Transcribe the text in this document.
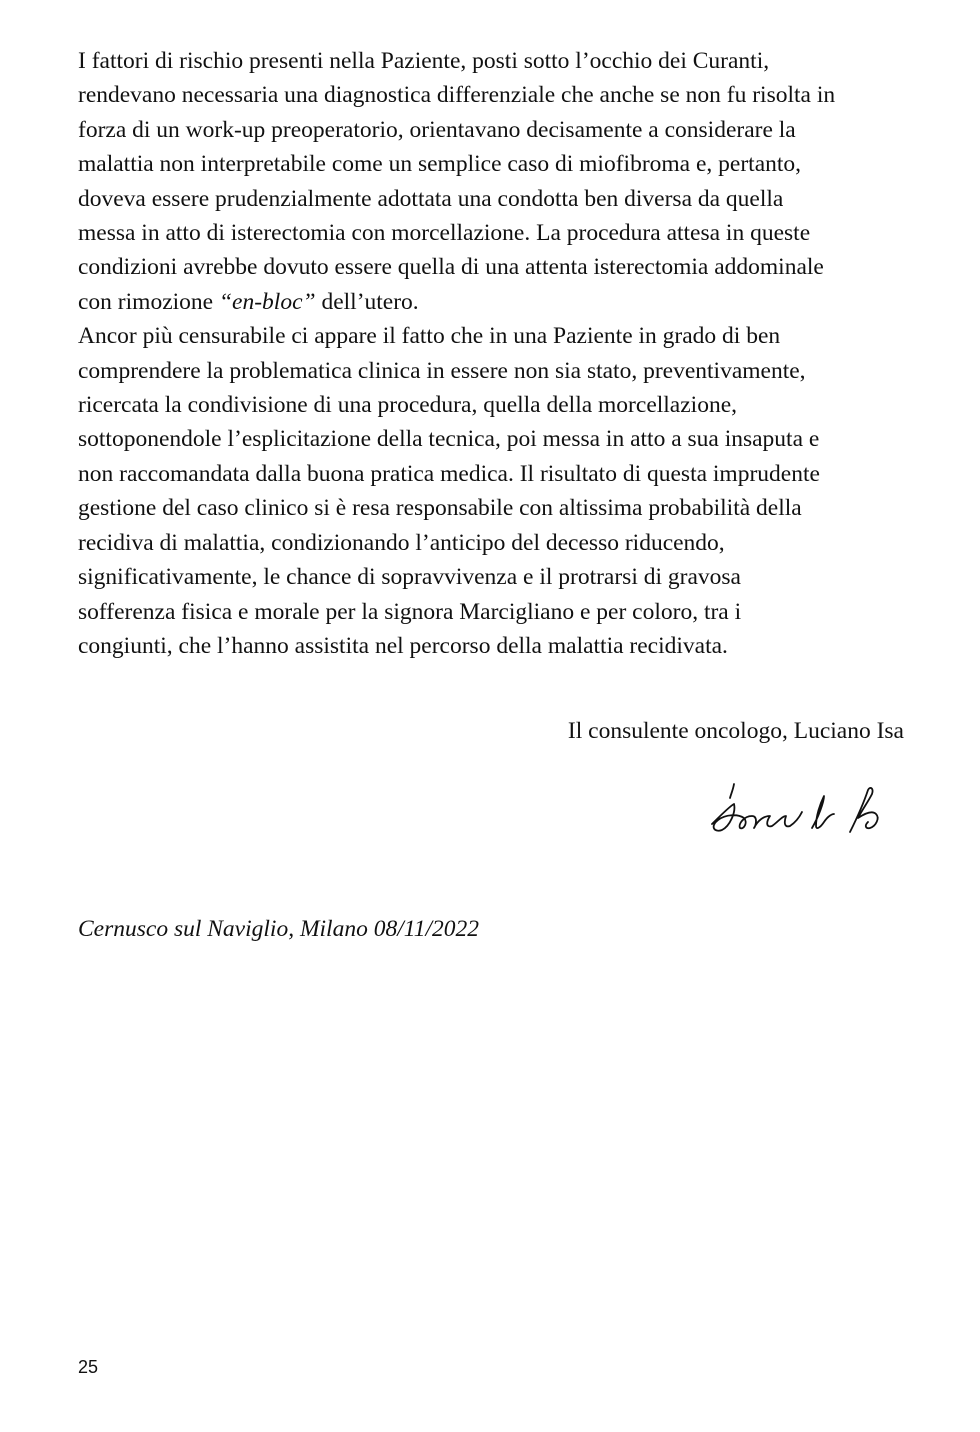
I fattori di rischio presenti nella Paziente, posti sotto l’occhio dei Curanti,
rendevano necessaria una diagnostica differenziale che anche se non fu risolta in
forza di un work-up preoperatorio, orientavano decisamente a considerare la
malattia non interpretabile come un semplice caso di miofibroma e, pertanto,
doveva essere prudenzialmente adottata una condotta ben diversa da quella
messa in atto di isterectomia con morcellazione. La procedura attesa in queste
condizioni avrebbe dovuto essere quella di una attenta isterectomia addominale
con rimozione “en-bloc” dell’utero.

Ancor più censurabile ci appare il fatto che in una Paziente in grado di ben
comprendere la problematica clinica in essere non sia stato, preventivamente,
ricercata la condivisione di una procedura, quella della morcellazione,
sottoponendole l’esplicitazione della tecnica, poi messa in atto a sua insaputa e
non raccomandata dalla buona pratica medica. Il risultato di questa imprudente
gestione del caso clinico si è resa responsabile con altissima probabilità della
recidiva di malattia, condizionando l’anticipo del decesso riducendo,
significativamente, le chance di sopravvivenza e il protrarsi di gravosa
sofferenza fisica e morale per la signora Marcigliano e per coloro, tra i
congiunti, che l’hanno assistita nel percorso della malattia recidivata.

Il consulente oncologo, Luciano Isa
Cernusco sul Naviglio, Milano 08/11/2022
25
